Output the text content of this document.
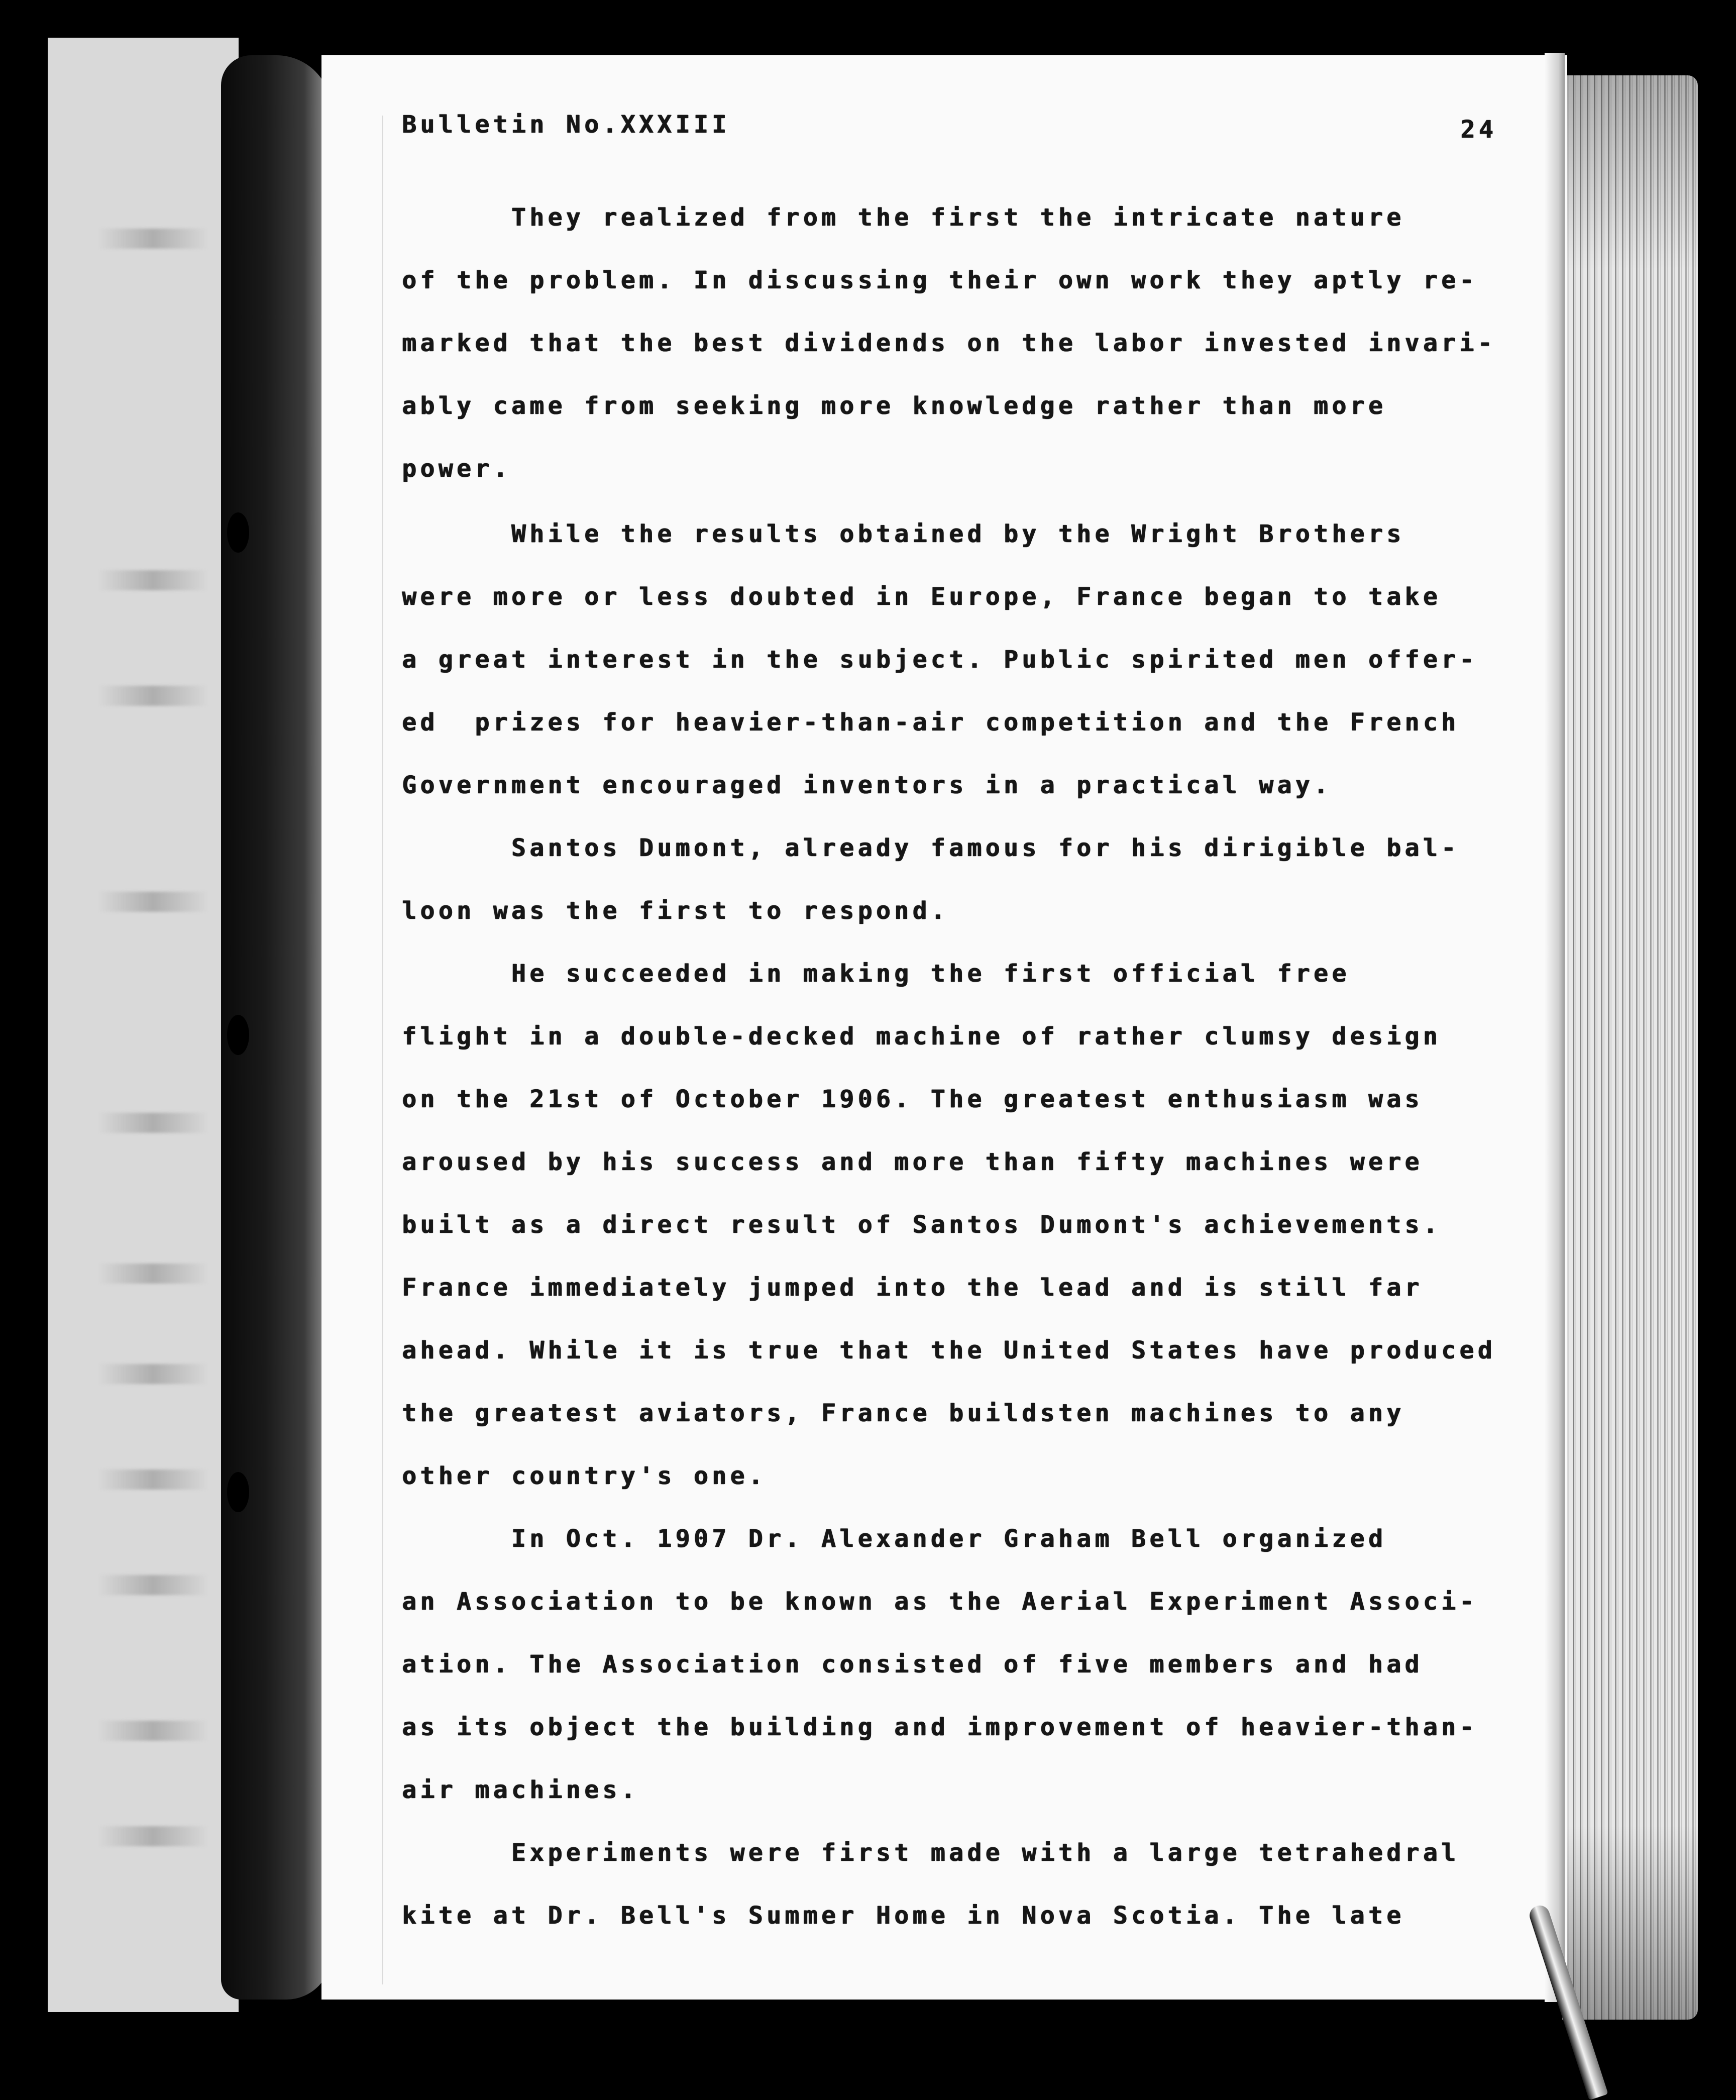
Bulletin No.XXXIII	24
They realized from the first the intricate nature
of the problem. In discussing their own work they aptly re-
marked that the best dividends on the labor invested invari-
ably came from seeking more knowledge rather than more
power.
While the results obtained by the Wright Brothers
were more or less doubted in Europe, France began to take
a great interest in the subject. Public spirited men offer-
ed  prizes for heavier-than-air competition and the French
Government encouraged inventors in a practical way.
Santos Dumont, already famous for his dirigible bal-
loon was the first to respond.
He succeeded in making the first official free
flight in a double-decked machine of rather clumsy design
on the 21st of October 1906. The greatest enthusiasm was
aroused by his success and more than fifty machines were
built as a direct result of Santos Dumont's achievements.
France immediately jumped into the lead and is still far
ahead. While it is true that the United States have produced
the greatest aviators, France buildsten machines to any
other country's one.
In Oct. 1907 Dr. Alexander Graham Bell organized
an Association to be known as the Aerial Experiment Associ-
ation. The Association consisted of five members and had
as its object the building and improvement of heavier-than-
air machines.
Experiments were first made with a large tetrahedral
kite at Dr. Bell's Summer Home in Nova Scotia. The late
